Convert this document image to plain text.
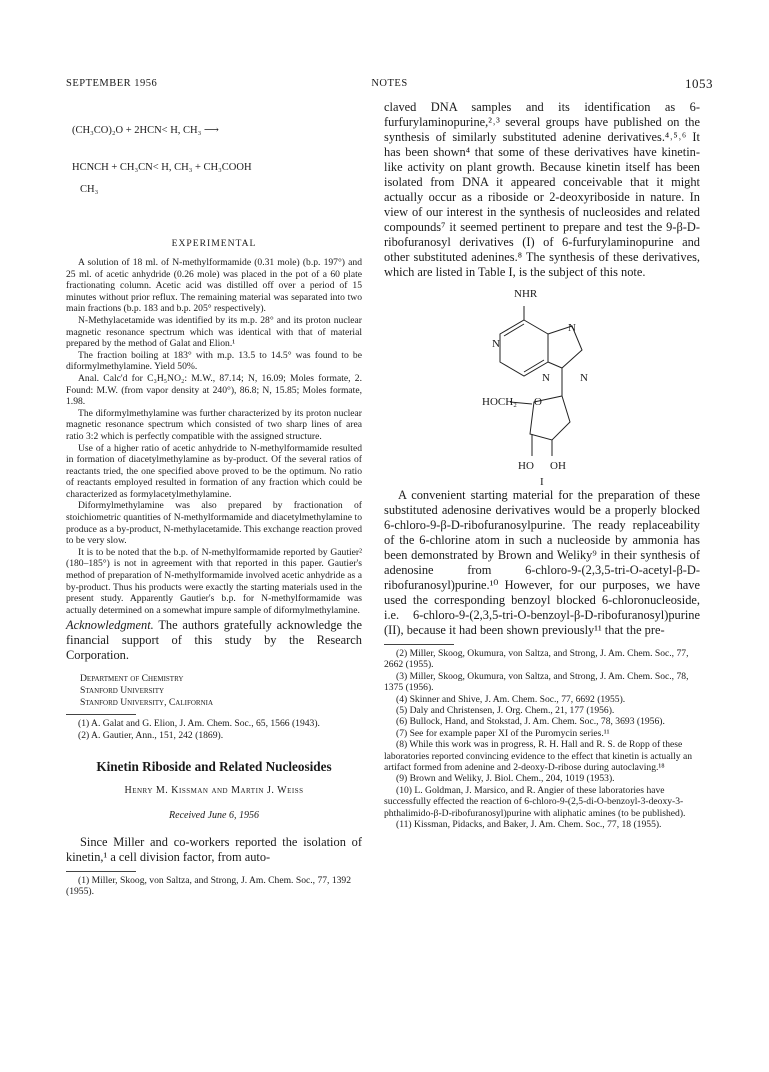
SEPTEMBER 1956	NOTES	1053
(CH₃CO)₂O + 2HCN< H, CH₃ ⟶
HCNCH + CH₃CN< H, CH₃ + CH₃COOH
CH₃
EXPERIMENTAL

A solution of 18 ml. of N-methylformamide (0.31 mole) (b.p. 197°) and 25 ml. of acetic anhydride (0.26 mole) was placed in the pot of a 60 plate fractionating column. Acetic acid was distilled off over a period of 15 minutes without prior reflux. The remaining material was separated into two main fractions (b.p. 183 and b.p. 205° respectively).

N-Methylacetamide was identified by its m.p. 28° and its proton nuclear magnetic resonance spectrum which was identical with that of material prepared by the method of Galat and Elion.¹

The fraction boiling at 183° with m.p. 13.5 to 14.5° was found to be diformylmethylamine. Yield 50%.

Anal. Calc'd for C₃H₅NO₂: M.W., 87.14; N, 16.09; Moles formate, 2. Found: M.W. (from vapor density at 240°), 86.8; N, 15.85; Moles formate, 1.98.

The diformylmethylamine was further characterized by its proton nuclear magnetic resonance spectrum which consisted of two sharp lines of area ratio 3:2 which is perfectly compatible with the assigned structure.

Use of a higher ratio of acetic anhydride to N-methylformamide resulted in formation of diacetylmethylamine as by-product. Of the several ratios of reactants tried, the one specified above proved to be the optimum. No ratio of reactants employed resulted in formation of any fraction which could be characterized as formylacetylmethylamine.

Diformylmethylamine was also prepared by fractionation of stoichiometric quantities of N-methylformamide and diacetylmethylamine to produce as a by-product, N-methylacetamide. This exchange reaction proved to be very slow.

It is to be noted that the b.p. of N-methylformamide reported by Gautier² (180–185°) is not in agreement with that reported in this paper. Gautier's method of preparation of N-methylformamide involved acetic anhydride as a by-product. Thus his products were exactly the starting materials used in the present study. Apparently Gautier's b.p. for N-methylformamide was actually determined on a somewhat impure sample of diformylmethylamine.

Acknowledgment. The authors gratefully acknowledge the financial support of this study by the Research Corporation.

Department of Chemistry
Stanford University
Stanford University, California

(1) A. Galat and G. Elion, J. Am. Chem. Soc., 65, 1566 (1943).

(2) A. Gautier, Ann., 151, 242 (1869).

Kinetin Riboside and Related Nucleosides
Henry M. Kissman and Martin J. Weiss
Received June 6, 1956

Since Miller and co-workers reported the isolation of kinetin,¹ a cell division factor, from auto-

(1) Miller, Skoog, von Saltza, and Strong, J. Am. Chem. Soc., 77, 1392 (1955).

claved DNA samples and its identification as 6-furfurylaminopurine,²˒³ several groups have published on the synthesis of similarly substituted adenine derivatives.⁴˒⁵˒⁶ It has been shown⁴ that some of these derivatives have kinetin-like activity on plant growth. Because kinetin itself has been isolated from DNA it appeared conceivable that it might actually occur as a riboside or 2-deoxyriboside in nature. In view of our interest in the synthesis of nucleosides and related compounds⁷ it seemed pertinent to prepare and test the 9-β-D-ribofuranosyl derivatives (I) of 6-furfurylaminopurine and other substituted adenines.⁸ The synthesis of these derivatives, which are listed in Table I, is the subject of this note.

NHR
N
N
N	N
HOCH₂ O
HO OH
I

A convenient starting material for the preparation of these substituted adenosine derivatives would be a properly blocked 6-chloro-9-β-D-ribofuranosylpurine. The ready replaceability of the 6-chlorine atom in such a nucleoside by ammonia has been demonstrated by Brown and Weliky⁹ in their synthesis of adenosine from 6-chloro-9-(2,3,5-tri-O-acetyl-β-D-ribofuranosyl)purine.¹⁰ However, for our purposes, we have used the corresponding benzoyl blocked 6-chloronucleoside, i.e. 6-chloro-9-(2,3,5-tri-O-benzoyl-β-D-ribofuranosyl)purine (II), because it had been shown previously¹¹ that the pre-

(2) Miller, Skoog, Okumura, von Saltza, and Strong, J. Am. Chem. Soc., 77, 2662 (1955).

(3) Miller, Skoog, Okumura, von Saltza, and Strong, J. Am. Chem. Soc., 78, 1375 (1956).

(4) Skinner and Shive, J. Am. Chem. Soc., 77, 6692 (1955).

(5) Daly and Christensen, J. Org. Chem., 21, 177 (1956).

(6) Bullock, Hand, and Stokstad, J. Am. Chem. Soc., 78, 3693 (1956).

(7) See for example paper XI of the Puromycin series.¹¹

(8) While this work was in progress, R. H. Hall and R. S. de Ropp of these laboratories reported convincing evidence to the effect that kinetin is actually an artifact formed from adenine and 2-deoxy-D-ribose during autoclaving.¹⁸

(9) Brown and Weliky, J. Biol. Chem., 204, 1019 (1953).

(10) L. Goldman, J. Marsico, and R. Angier of these laboratories have successfully effected the reaction of 6-chloro-9-(2,5-di-O-benzoyl-3-deoxy-3-phthalimido-β-D-ribofuranosyl)purine with aliphatic amines (to be published).

(11) Kissman, Pidacks, and Baker, J. Am. Chem. Soc., 77, 18 (1955).
